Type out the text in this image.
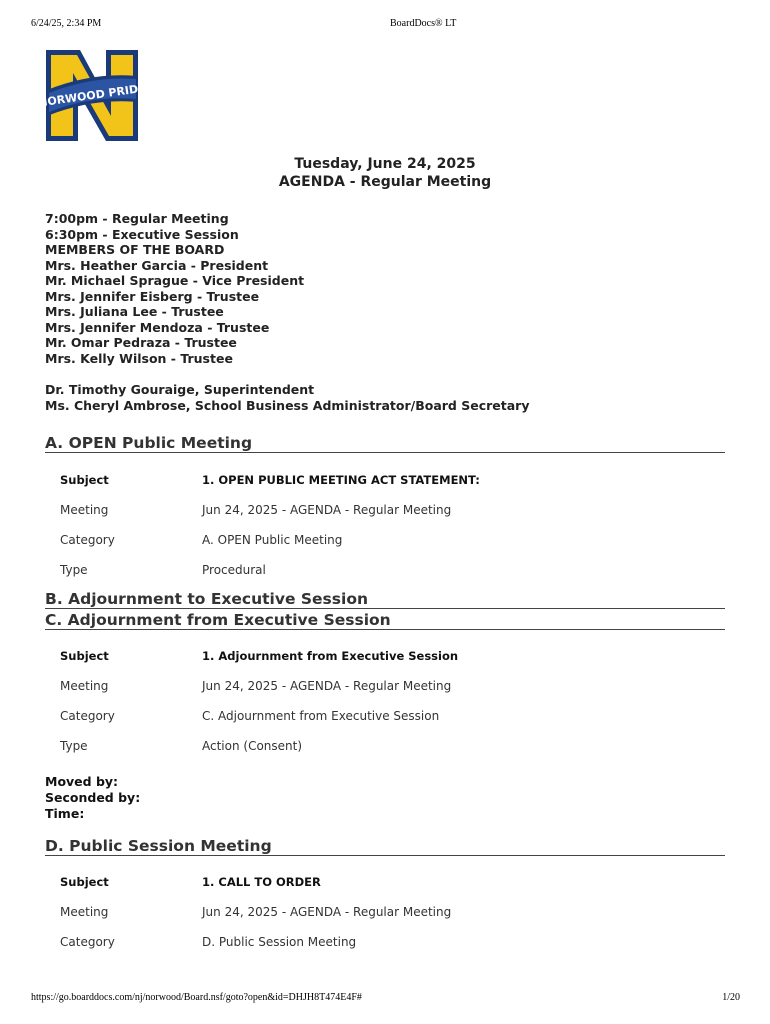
6/24/25, 2:34 PM	BoardDocs® LT
NORWOOD PRIDE
Tuesday, June 24, 2025
AGENDA - Regular Meeting
7:00pm - Regular Meeting
6:30pm - Executive Session
MEMBERS OF THE BOARD
Mrs. Heather Garcia - President
Mr. Michael Sprague - Vice President
Mrs. Jennifer Eisberg - Trustee
Mrs. Juliana Lee - Trustee
Mrs. Jennifer Mendoza - Trustee
Mr. Omar Pedraza - Trustee
Mrs. Kelly Wilson - Trustee
Dr. Timothy Gouraige, Superintendent
Ms. Cheryl Ambrose, School Business Administrator/Board Secretary
A. OPEN Public Meeting
Subject	1. OPEN PUBLIC MEETING ACT STATEMENT:
Meeting	Jun 24, 2025 - AGENDA - Regular Meeting
Category	A. OPEN Public Meeting
Type	Procedural
B. Adjournment to Executive Session
C. Adjournment from Executive Session
Subject	1. Adjournment from Executive Session
Meeting	Jun 24, 2025 - AGENDA - Regular Meeting
Category	C. Adjournment from Executive Session
Type	Action (Consent)
Moved by:
Seconded by:
Time:
D. Public Session Meeting
Subject	1. CALL TO ORDER
Meeting	Jun 24, 2025 - AGENDA - Regular Meeting
Category	D. Public Session Meeting
https://go.boarddocs.com/nj/norwood/Board.nsf/goto?open&id=DHJH8T474E4F#	1/20
